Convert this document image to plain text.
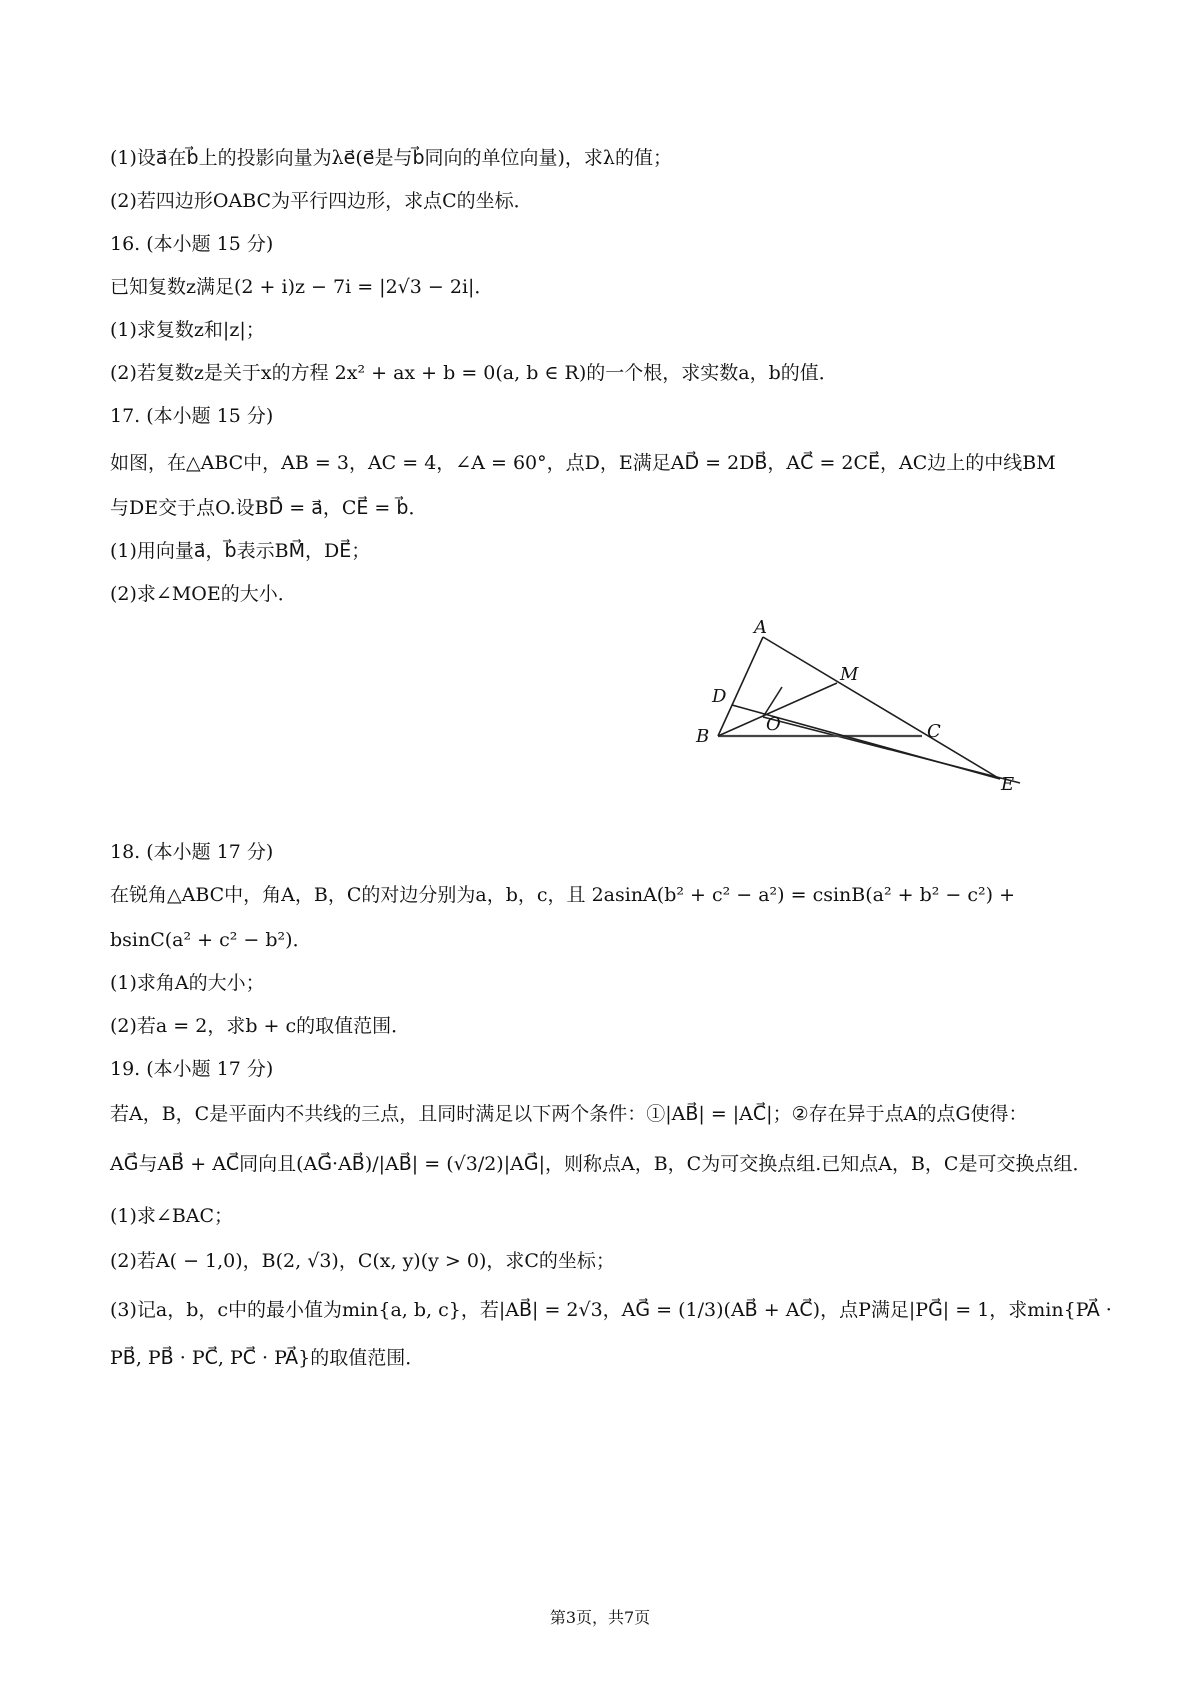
(1)设a⃗在b⃗上的投影向量为λe⃗(e⃗是与b⃗同向的单位向量)，求λ的值；
(2)若四边形OABC为平行四边形，求点C的坐标．
16. (本小题 15 分)
已知复数z满足(2 + i)z − 7i = |2√3 − 2i|．
(1)求复数z和|z|；
(2)若复数z是关于x的方程 2x² + ax + b = 0(a, b ∈ R)的一个根，求实数a，b的值．
17. (本小题 15 分)
如图，在△ABC中，AB = 3，AC = 4，∠A = 60°，点D，E满足AD⃗ = 2DB⃗，AC⃗ = 2CE⃗，AC边上的中线BM
与DE交于点O.设BD⃗ = a⃗，CE⃗ = b⃗．
(1)用向量a⃗，b⃗表示BM⃗，DE⃗；
(2)求∠MOE的大小．
A
M
D
O
B	C
E
18. (本小题 17 分)
在锐角△ABC中，角A，B，C的对边分别为a，b，c，且 2asinA(b² + c² − a²) = csinB(a² + b² − c²) +
bsinC(a² + c² − b²)．
(1)求角A的大小；
(2)若a = 2，求b + c的取值范围．
19. (本小题 17 分)
若A，B，C是平面内不共线的三点，且同时满足以下两个条件：①|AB⃗| = |AC⃗|；②存在异于点A的点G使得：
AG⃗与AB⃗ + AC⃗同向且(AG⃗·AB⃗)/|AB⃗| = (√3/2)|AG⃗|，则称点A，B，C为可交换点组.已知点A，B，C是可交换点组．
(1)求∠BAC；
(2)若A( − 1,0)，B(2, √3)，C(x, y)(y > 0)，求C的坐标；
(3)记a，b，c中的最小值为min{a, b, c}，若|AB⃗| = 2√3，AG⃗ = (1/3)(AB⃗ + AC⃗)，点P满足|PG⃗| = 1，求min{PA⃗ ·
PB⃗, PB⃗ · PC⃗, PC⃗ · PA⃗}的取值范围．
第3页，共7页
